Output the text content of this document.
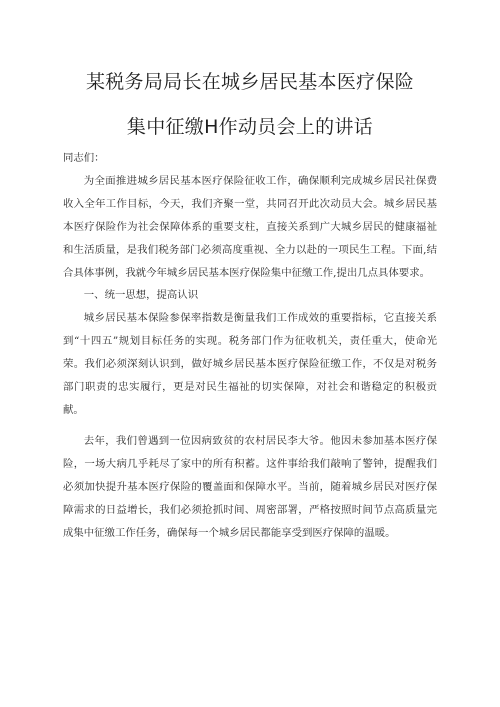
某税务局局长在城乡居民基本医疗保险
集中征缴H作动员会上的讲话

同志们：

为全面推进城乡居民基本医疗保险征收工作，确保顺利完成城乡居民社保费收入全年工作目标，今天，我们齐聚一堂，共同召开此次动员大会。城乡居民基本医疗保险作为社会保障体系的重要支柱，直接关系到广大城乡居民的健康福祉和生活质量，是我们税务部门必须高度重视、全力以赴的一项民生工程。下面,结合具体事例，我就今年城乡居民基本医疗保险集中征缴工作,提出几点具体要求。

一、统一思想，提高认识

城乡居民基本保险参保率指数是衡量我们工作成效的重要指标，它直接关系到“十四五”规划目标任务的实现。税务部门作为征收机关，责任重大，使命光荣。我们必须深刻认识到，做好城乡居民基本医疗保险征缴工作，不仅是对税务部门职责的忠实履行，更是对民生福祉的切实保障，对社会和谐稳定的积极贡献。

去年，我们曾遇到一位因病致贫的农村居民李大爷。他因未参加基本医疗保险，一场大病几乎耗尽了家中的所有积蓄。这件事给我们敲响了警钟，提醒我们必须加快提升基本医疗保险的覆盖面和保障水平。当前，随着城乡居民对医疗保障需求的日益增长，我们必须抢抓时间、周密部署，严格按照时间节点高质量完成集中征缴工作任务，确保每一个城乡居民都能享受到医疗保障的温暖。
